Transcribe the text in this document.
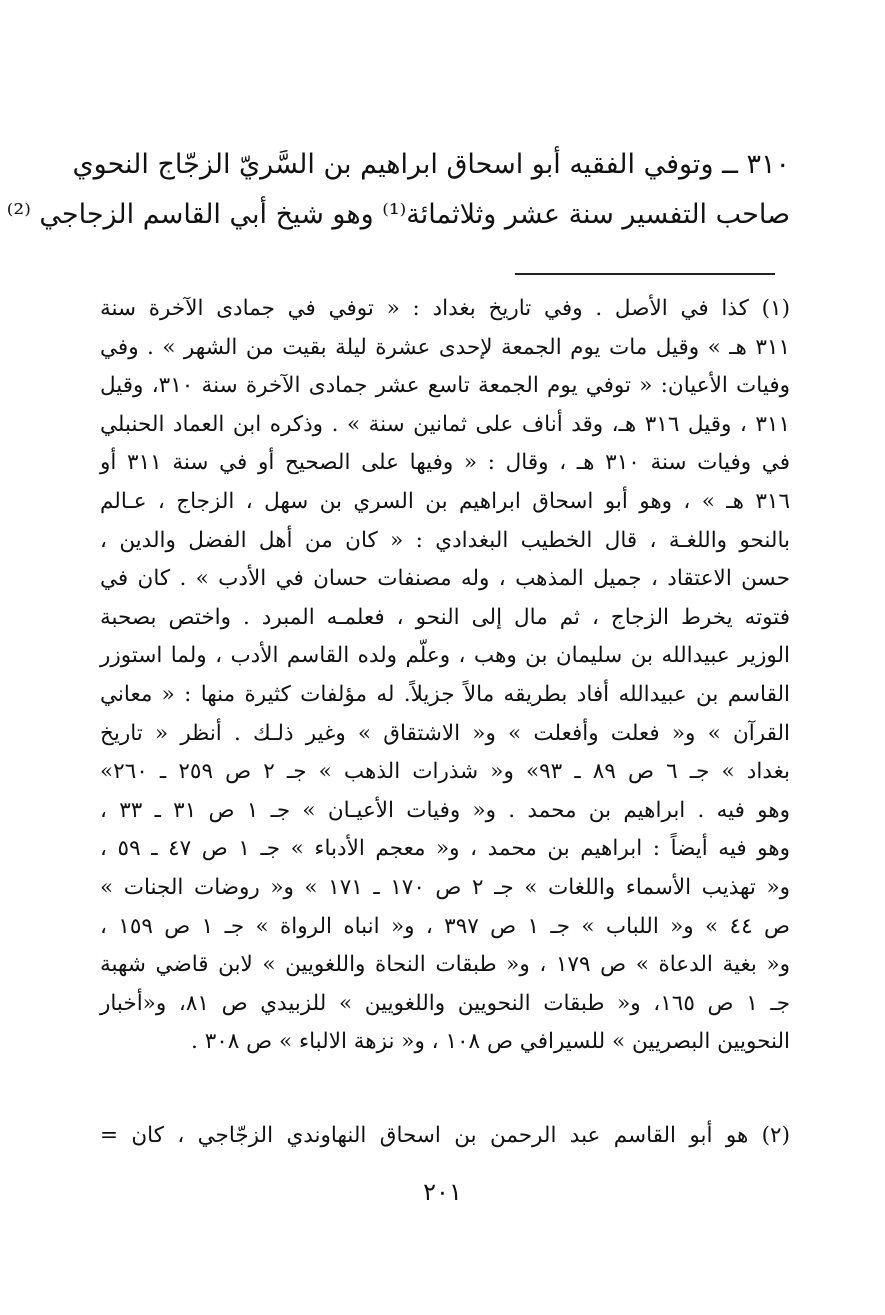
٣١٠ ــ وتوفي الفقيه أبو اسحاق ابراهيم بن السَّريّ الزجّاج النحوي
صاحب التفسير سنة عشر وثلاثمائة⁽¹⁾ وهو شيخ أبي القاسم الزجاجي ⁽²⁾
(١) كذا في الأصل . وفي تاريخ بغداد : « توفي في جمادى الآخرة سنة
٣١١ هـ » وقيل مات يوم الجمعة لإحدى عشرة ليلة بقيت من الشهر » . وفي
وفيات الأعيان: « توفي يوم الجمعة تاسع عشر جمادى الآخرة سنة ٣١٠، وقيل
٣١١ ، وقيل ٣١٦ هـ، وقد أناف على ثمانين سنة » . وذكره ابن العماد الحنبلي
في وفيات سنة ٣١٠ هـ ، وقال : « وفيها على الصحيح أو في سنة ٣١١ أو
٣١٦ هـ » ، وهو أبو اسحاق ابراهيم بن السري بن سهل ، الزجاج ، عـالم
بالنحو واللغـة ، قال الخطيب البغدادي : « كان من أهل الفضل والدين ،
حسن الاعتقاد ، جميل المذهب ، وله مصنفات حسان في الأدب » . كان في
فتوته يخرط الزجاج ، ثم مال إلى النحو ، فعلمـه المبرد . واختص بصحبة
الوزير عبيدالله بن سليمان بن وهب ، وعلّم ولده القاسم الأدب ، ولما استوزر
القاسم بن عبيدالله أفاد بطريقه مالاً جزيلاً. له مؤلفات كثيرة منها : « معاني
القرآن » و« فعلت وأفعلت » و« الاشتقاق » وغير ذلـك . أنظر « تاريخ
بغداد » جـ ٦ ص ٨٩ ـ ٩٣» و« شذرات الذهب » جـ ٢ ص ٢٥٩ ـ ٢٦٠»
وهو فيه . ابراهيم بن محمد . و« وفيات الأعيـان » جـ ١ ص ٣١ ـ ٣٣ ،
وهو فيه أيضاً : ابراهيم بن محمد ، و« معجم الأدباء » جـ ١ ص ٤٧ ـ ٥٩ ،
و« تهذيب الأسماء واللغات » جـ ٢ ص ١٧٠ ـ ١٧١ » و« روضات الجنات »
ص ٤٤ » و« اللباب » جـ ١ ص ٣٩٧ ، و« انباه الرواة » جـ ١ ص ١٥٩ ،
و« بغية الدعاة » ص ١٧٩ ، و« طبقات النحاة واللغويين » لابن قاضي شهبة
جـ ١ ص ١٦٥، و« طبقات النحويين واللغويين » للزبيدي ص ٨١، و«أخبار
النحويين البصريين » للسيرافي ص ١٠٨ ، و« نزهة الالباء » ص ٣٠٨ .
(٢) هو أبو القاسم عبد الرحمن بن اسحاق النهاوندي الزجّاجي ، كان =
٢٠١
